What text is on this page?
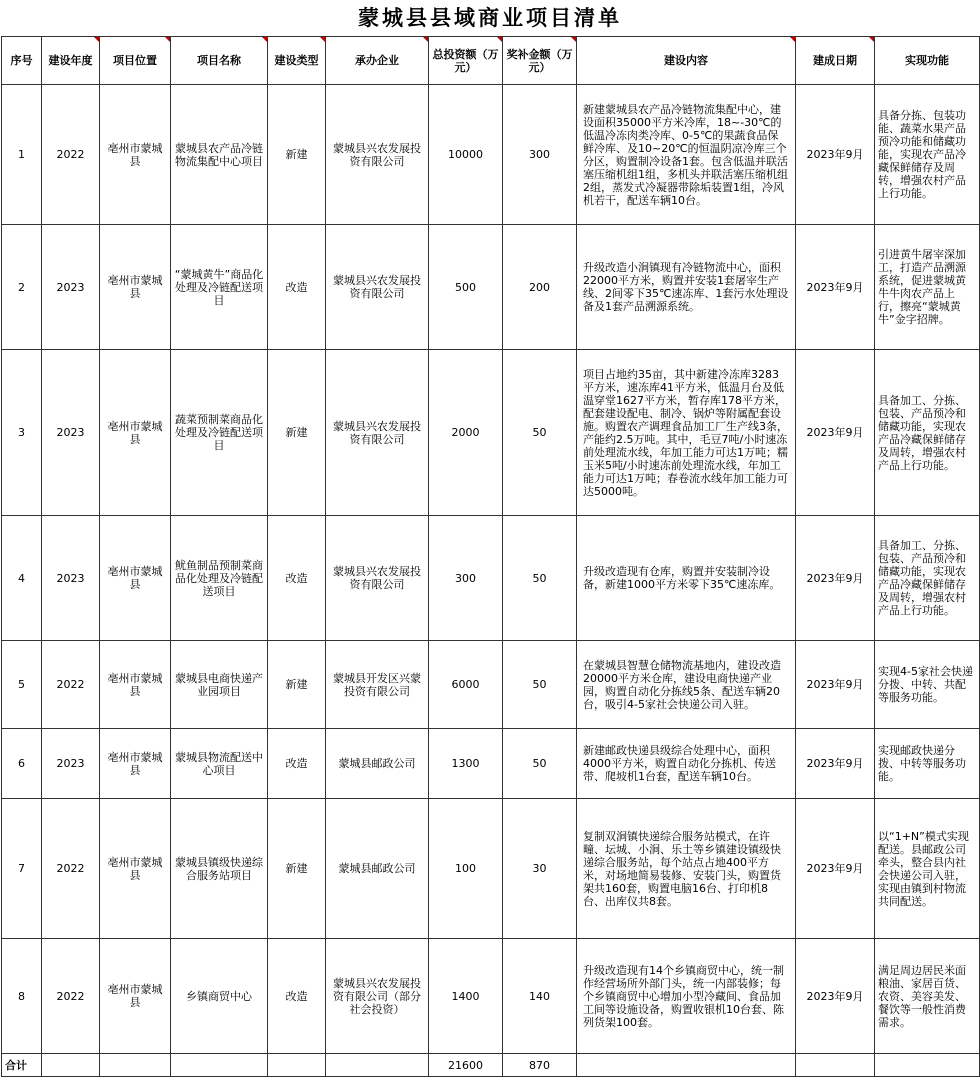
蒙城县县域商业项目清单
序号	建设年度	项目位置	项目名称	建设类型	承办企业	总投资额（万元）	奖补金额（万元）	建设内容	建成日期	实现功能
1	2022	亳州市蒙城县	蒙城县农产品冷链物流集配中心项目	新建	蒙城县兴农发展投资有限公司	10000	300	新建蒙城县农产品冷链物流集配中心，建设面积35000平方米冷库，18~-30℃的低温冷冻肉类冷库、0-5℃的果蔬食品保鲜冷库、及10~20℃的恒温阴凉冷库三个分区，购置制冷设备1套。包含低温并联活塞压缩机组1组，多机头并联活塞压缩机组2组，蒸发式冷凝器带除垢装置1组，冷风机若干，配送车辆10台。	2023年9月	具备分拣、包装功能、蔬菜水果产品预冷功能和储藏功能，实现农产品冷藏保鲜储存及周转，增强农村产品上行功能。
2	2023	亳州市蒙城县	“蒙城黄牛”商品化处理及冷链配送项目	改造	蒙城县兴农发展投资有限公司	500	200	升级改造小涧镇现有冷链物流中心，面积22000平方米，购置并安装1套屠宰生产线、2间零下35℃速冻库、1套污水处理设备及1套产品溯源系统。	2023年9月	引进黄牛屠宰深加工，打造产品溯源系统，促进蒙城黄牛牛肉农产品上行，擦亮“蒙城黄牛”金字招牌。
3	2023	亳州市蒙城县	蔬菜预制菜商品化处理及冷链配送项目	新建	蒙城县兴农发展投资有限公司	2000	50	项目占地约35亩，其中新建冷冻库3283平方米，速冻库41平方米，低温月台及低温穿堂1627平方米，暂存库178平方米，配套建设配电、制冷、锅炉等附属配套设施。购置农产调理食品加工厂生产线3条，产能约2.5万吨。其中，毛豆7吨/小时速冻前处理流水线，年加工能力可达1万吨；糯玉米5吨/小时速冻前处理流水线，年加工能力可达1万吨；春卷流水线年加工能力可达5000吨。	2023年9月	具备加工、分拣、包装、产品预冷和储藏功能，实现农产品冷藏保鲜储存及周转，增强农村产品上行功能。
4	2023	亳州市蒙城县	鱿鱼制品预制菜商品化处理及冷链配送项目	改造	蒙城县兴农发展投资有限公司	300	50	升级改造现有仓库，购置并安装制冷设备，新建1000平方米零下35℃速冻库。	2023年9月	具备加工、分拣、包装、产品预冷和储藏功能，实现农产品冷藏保鲜储存及周转，增强农村产品上行功能。
5	2022	亳州市蒙城县	蒙城县电商快递产业园项目	新建	蒙城县开发区兴蒙投资有限公司	6000	50	在蒙城县智慧仓储物流基地内，建设改造20000平方米仓库，建设电商快递产业园，购置自动化分拣线5条、配送车辆20台，吸引4-5家社会快递公司入驻。	2023年9月	实现4-5家社会快递分拨、中转、共配等服务功能。
6	2023	亳州市蒙城县	蒙城县物流配送中心项目	改造	蒙城县邮政公司	1300	50	新建邮政快递县级综合处理中心，面积4000平方米，购置自动化分拣机、传送带、爬坡机1台套，配送车辆10台。	2023年9月	实现邮政快递分拨、中转等服务功能。
7	2022	亳州市蒙城县	蒙城县镇级快递综合服务站项目	新建	蒙城县邮政公司	100	30	复制双涧镇快递综合服务站模式，在许疃、坛城、小涧、乐土等乡镇建设镇级快递综合服务站，每个站点占地400平方米，对场地简易装修、安装门头，购置货架共160套，购置电脑16台、打印机8台、出库仪共8套。	2023年9月	以“1+N”模式实现配送。县邮政公司牵头，整合县内社会快递公司入驻，实现由镇到村物流共同配送。
8	2022	亳州市蒙城县	乡镇商贸中心	改造	蒙城县兴农发展投资有限公司（部分社会投资）	1400	140	升级改造现有14个乡镇商贸中心，统一制作经营场所外部门头，统一内部装修；每个乡镇商贸中心增加小型冷藏间、食品加工间等设施设备，购置收银机10台套、陈列货架100套。	2023年9月	满足周边居民米面粮油、家居百货、农资、美容美发、餐饮等一般性消费需求。
合计						21600	870			
